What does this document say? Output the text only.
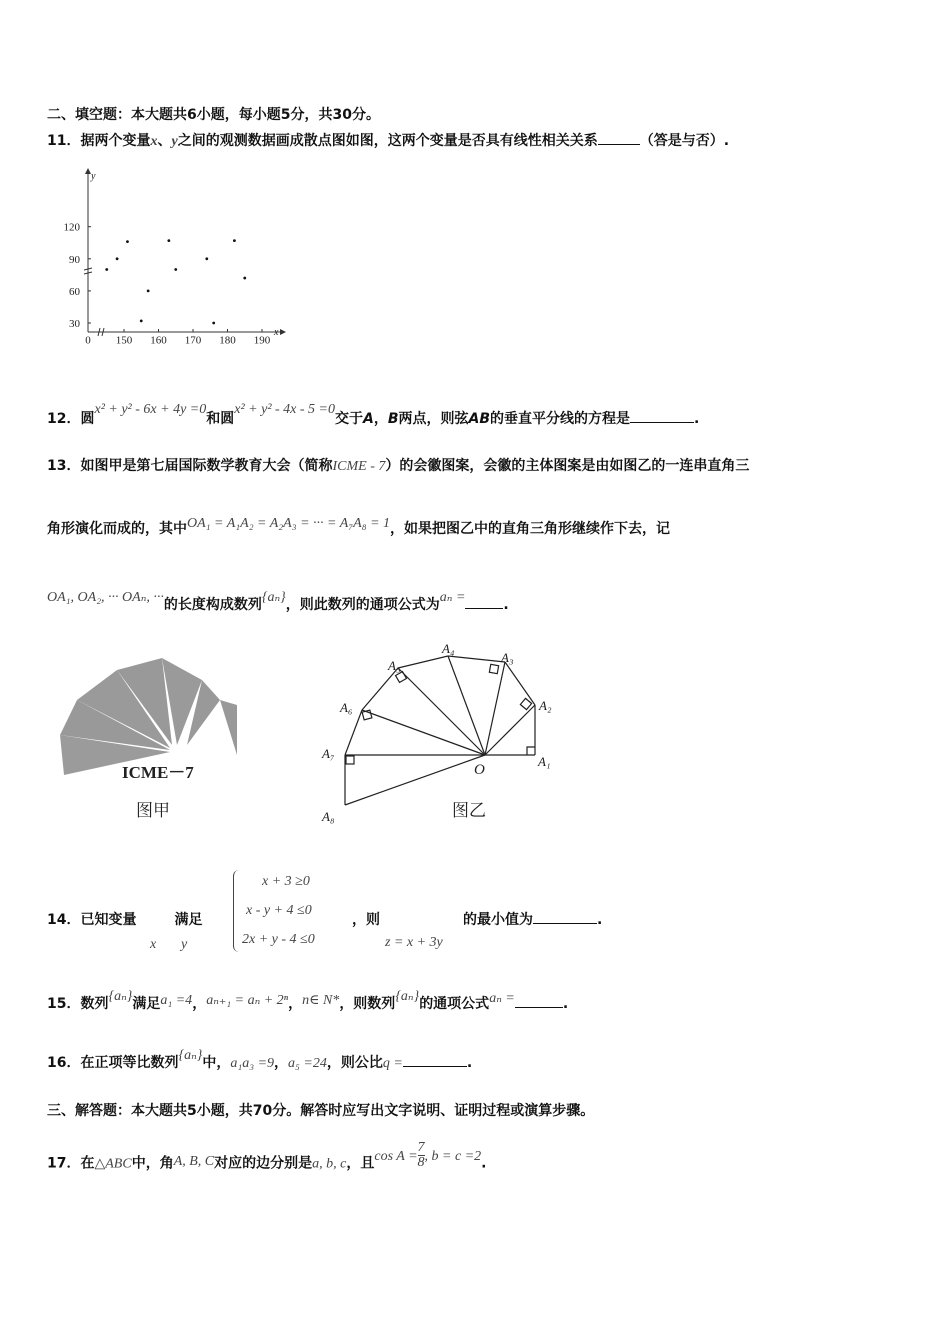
二、填空题：本大题共6小题，每小题5分，共30分。
11．据两个变量x、y之间的观测数据画成散点图如图，这两个变量是否具有线性相关关系	（答是与否）.
x
y
0 150 160 170 180 190
30
60
90
120
12．圆x² + y² - 6x + 4y =0和圆x² + y² - 4x - 5 =0交于A，B两点，则弦AB的垂直平分线的方程是	.
13．如图甲是第七届国际数学教育大会（简称ICME - 7）的会徽图案，会徽的主体图案是由如图乙的一连串直角三
角形演化而成的，其中OA₁ = A₁A₂ = A₂A₃ = ··· = A₇A₈ = 1，如果把图乙中的直角三角形继续作下去，记
OA₁, OA₂, ··· OAₙ, ···的长度构成数列{aₙ}，则此数列的通项公式为aₙ =	.
ICME－7
图甲
A₁
A₂
A₃
A₄
A₅
A₆
A₇
A₈
O
图乙
14．已知变量	满足
x y
x + 3 ≥0
x - y + 4 ≤0
2x + y - 4 ≤0
，则
z = x + 3y
的最小值为	.
15．数列{aₙ}满足a₁ =4，aₙ₊₁ = aₙ + 2ⁿ，n∈ N*，则数列{aₙ}的通项公式aₙ =	.
16．在正项等比数列{aₙ}中，a₁a₃ =9，a₅ =24，则公比q =	.
三、解答题：本大题共5小题，共70分。解答时应写出文字说明、证明过程或演算步骤。
17．在△ABC中，角A, B, C对应的边分别是a, b, c，且$\cos A = \frac{7}{8}$ , b = c =2.
